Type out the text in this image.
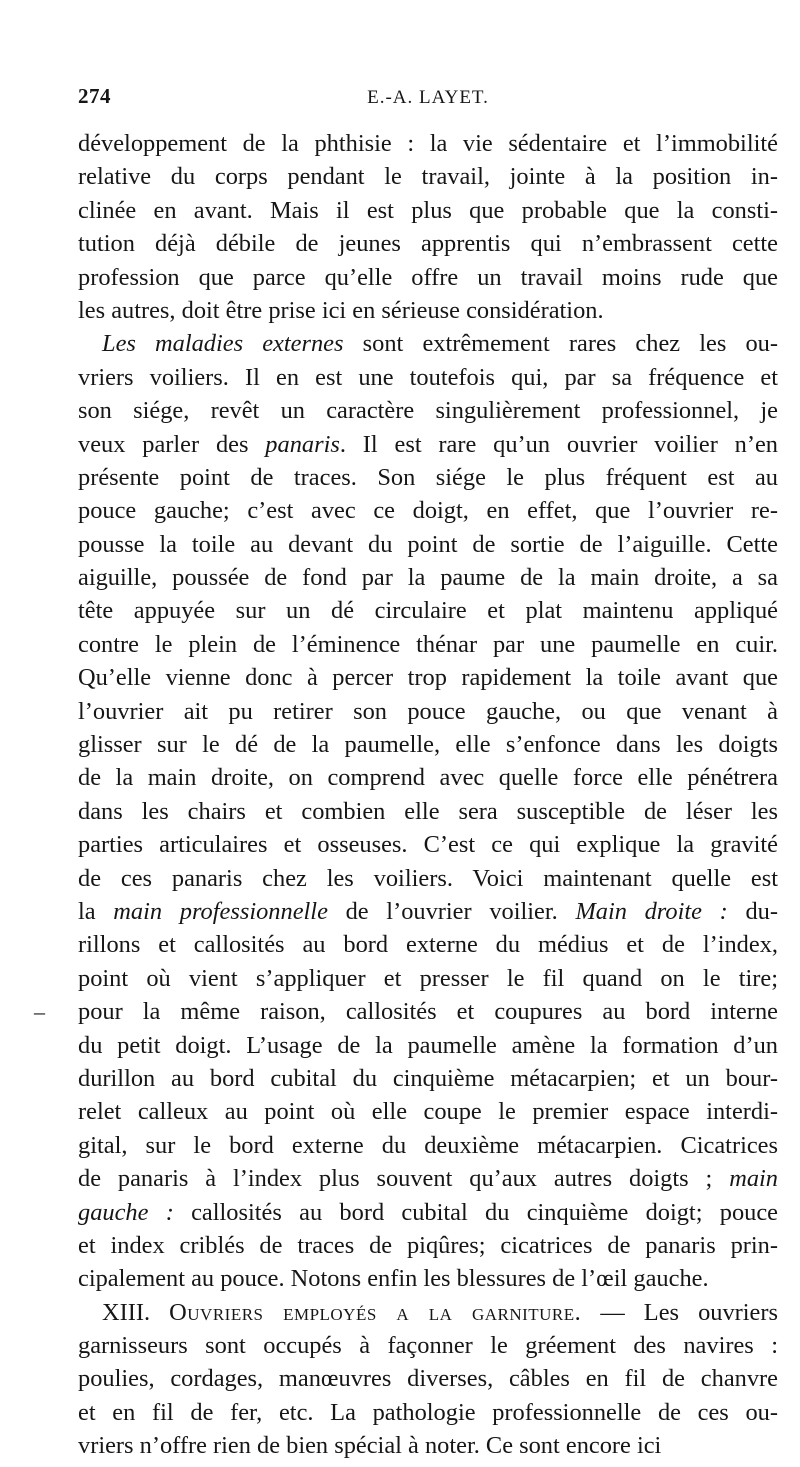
274	E.-A. LAYET.
développement de la phthisie : la vie sédentaire et l’immobilité
relative du corps pendant le travail, jointe à la position in-
clinée en avant. Mais il est plus que probable que la consti-
tution déjà débile de jeunes apprentis qui n’embrassent cette
profession que parce qu’elle offre un travail moins rude que
les autres, doit être prise ici en sérieuse considération.
Les maladies externes sont extrêmement rares chez les ou-
vriers voiliers. Il en est une toutefois qui, par sa fréquence et
son siége, revêt un caractère singulièrement professionnel, je
veux parler des panaris. Il est rare qu’un ouvrier voilier n’en
présente point de traces. Son siége le plus fréquent est au
pouce gauche; c’est avec ce doigt, en effet, que l’ouvrier re-
pousse la toile au devant du point de sortie de l’aiguille. Cette
aiguille, poussée de fond par la paume de la main droite, a sa
tête appuyée sur un dé circulaire et plat maintenu appliqué
contre le plein de l’éminence thénar par une paumelle en cuir.
Qu’elle vienne donc à percer trop rapidement la toile avant que
l’ouvrier ait pu retirer son pouce gauche, ou que venant à
glisser sur le dé de la paumelle, elle s’enfonce dans les doigts
de la main droite, on comprend avec quelle force elle pénétrera
dans les chairs et combien elle sera susceptible de léser les
parties articulaires et osseuses. C’est ce qui explique la gravité
de ces panaris chez les voiliers. Voici maintenant quelle est
la main professionnelle de l’ouvrier voilier. Main droite : du-
rillons et callosités au bord externe du médius et de l’index,
point où vient s’appliquer et presser le fil quand on le tire;
pour la même raison, callosités et coupures au bord interne
–
du petit doigt. L’usage de la paumelle amène la formation d’un
durillon au bord cubital du cinquième métacarpien; et un bour-
relet calleux au point où elle coupe le premier espace interdi-
gital, sur le bord externe du deuxième métacarpien. Cicatrices
de panaris à l’index plus souvent qu’aux autres doigts ; main
gauche : callosités au bord cubital du cinquième doigt; pouce
et index criblés de traces de piqûres; cicatrices de panaris prin-
cipalement au pouce. Notons enfin les blessures de l’œil gauche.
XIII. Ouvriers employés a la garniture. — Les ouvriers
garnisseurs sont occupés à façonner le gréement des navires :
poulies, cordages, manœuvres diverses, câbles en fil de chanvre
et en fil de fer, etc. La pathologie professionnelle de ces ou-
vriers n’offre rien de bien spécial à noter. Ce sont encore ici
